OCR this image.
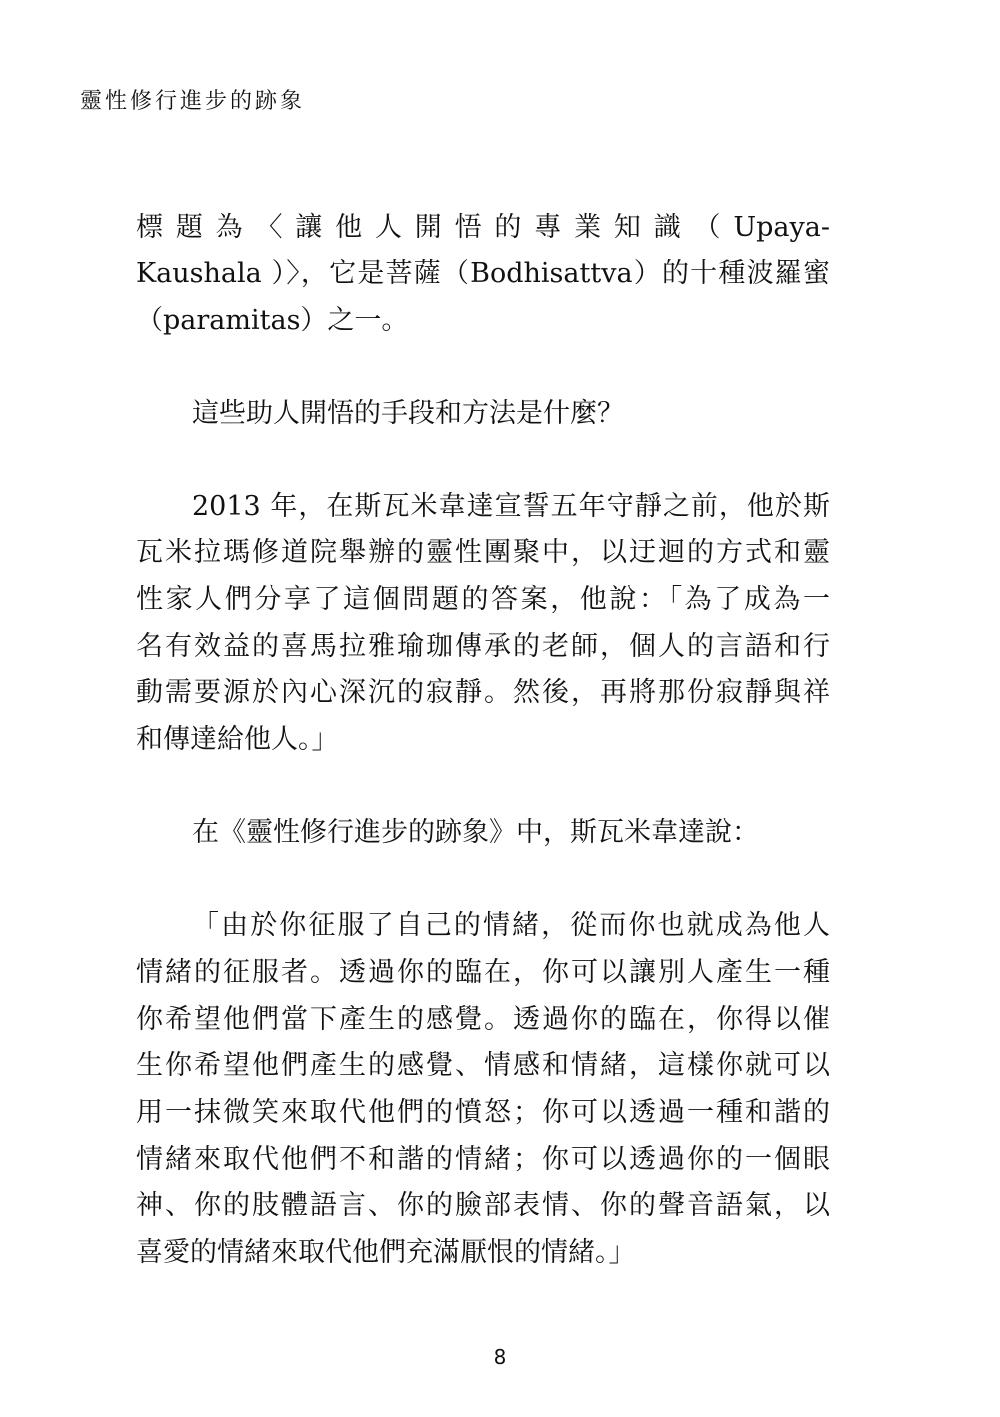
靈性修行進步的跡象
標 題 為 〈 讓 他 人 開 悟 的 專 業 知 識 （ Upaya-
Kaushala ）〉，它是菩薩（Bodhisattva）的十種波羅蜜
（paramitas）之一。
這些助人開悟的手段和方法是什麼？
2013 年，在斯瓦米韋達宣誓五年守靜之前，他於斯
瓦米拉瑪修道院舉辦的靈性團聚中，以迂迴的方式和靈
性家人們分享了這個問題的答案，他說：「為了成為一
名有效益的喜馬拉雅瑜珈傳承的老師，個人的言語和行
動需要源於內心深沉的寂靜。然後，再將那份寂靜與祥
和傳達給他人。」
在《靈性修行進步的跡象》中，斯瓦米韋達說：
「由於你征服了自己的情緒，從而你也就成為他人
情緒的征服者。透過你的臨在，你可以讓別人產生一種
你希望他們當下產生的感覺。透過你的臨在，你得以催
生你希望他們產生的感覺、情感和情緒，這樣你就可以
用一抹微笑來取代他們的憤怒；你可以透過一種和諧的
情緒來取代他們不和諧的情緒；你可以透過你的一個眼
神、你的肢體語言、你的臉部表情、你的聲音語氣，以
喜愛的情緒來取代他們充滿厭恨的情緒。」
8
